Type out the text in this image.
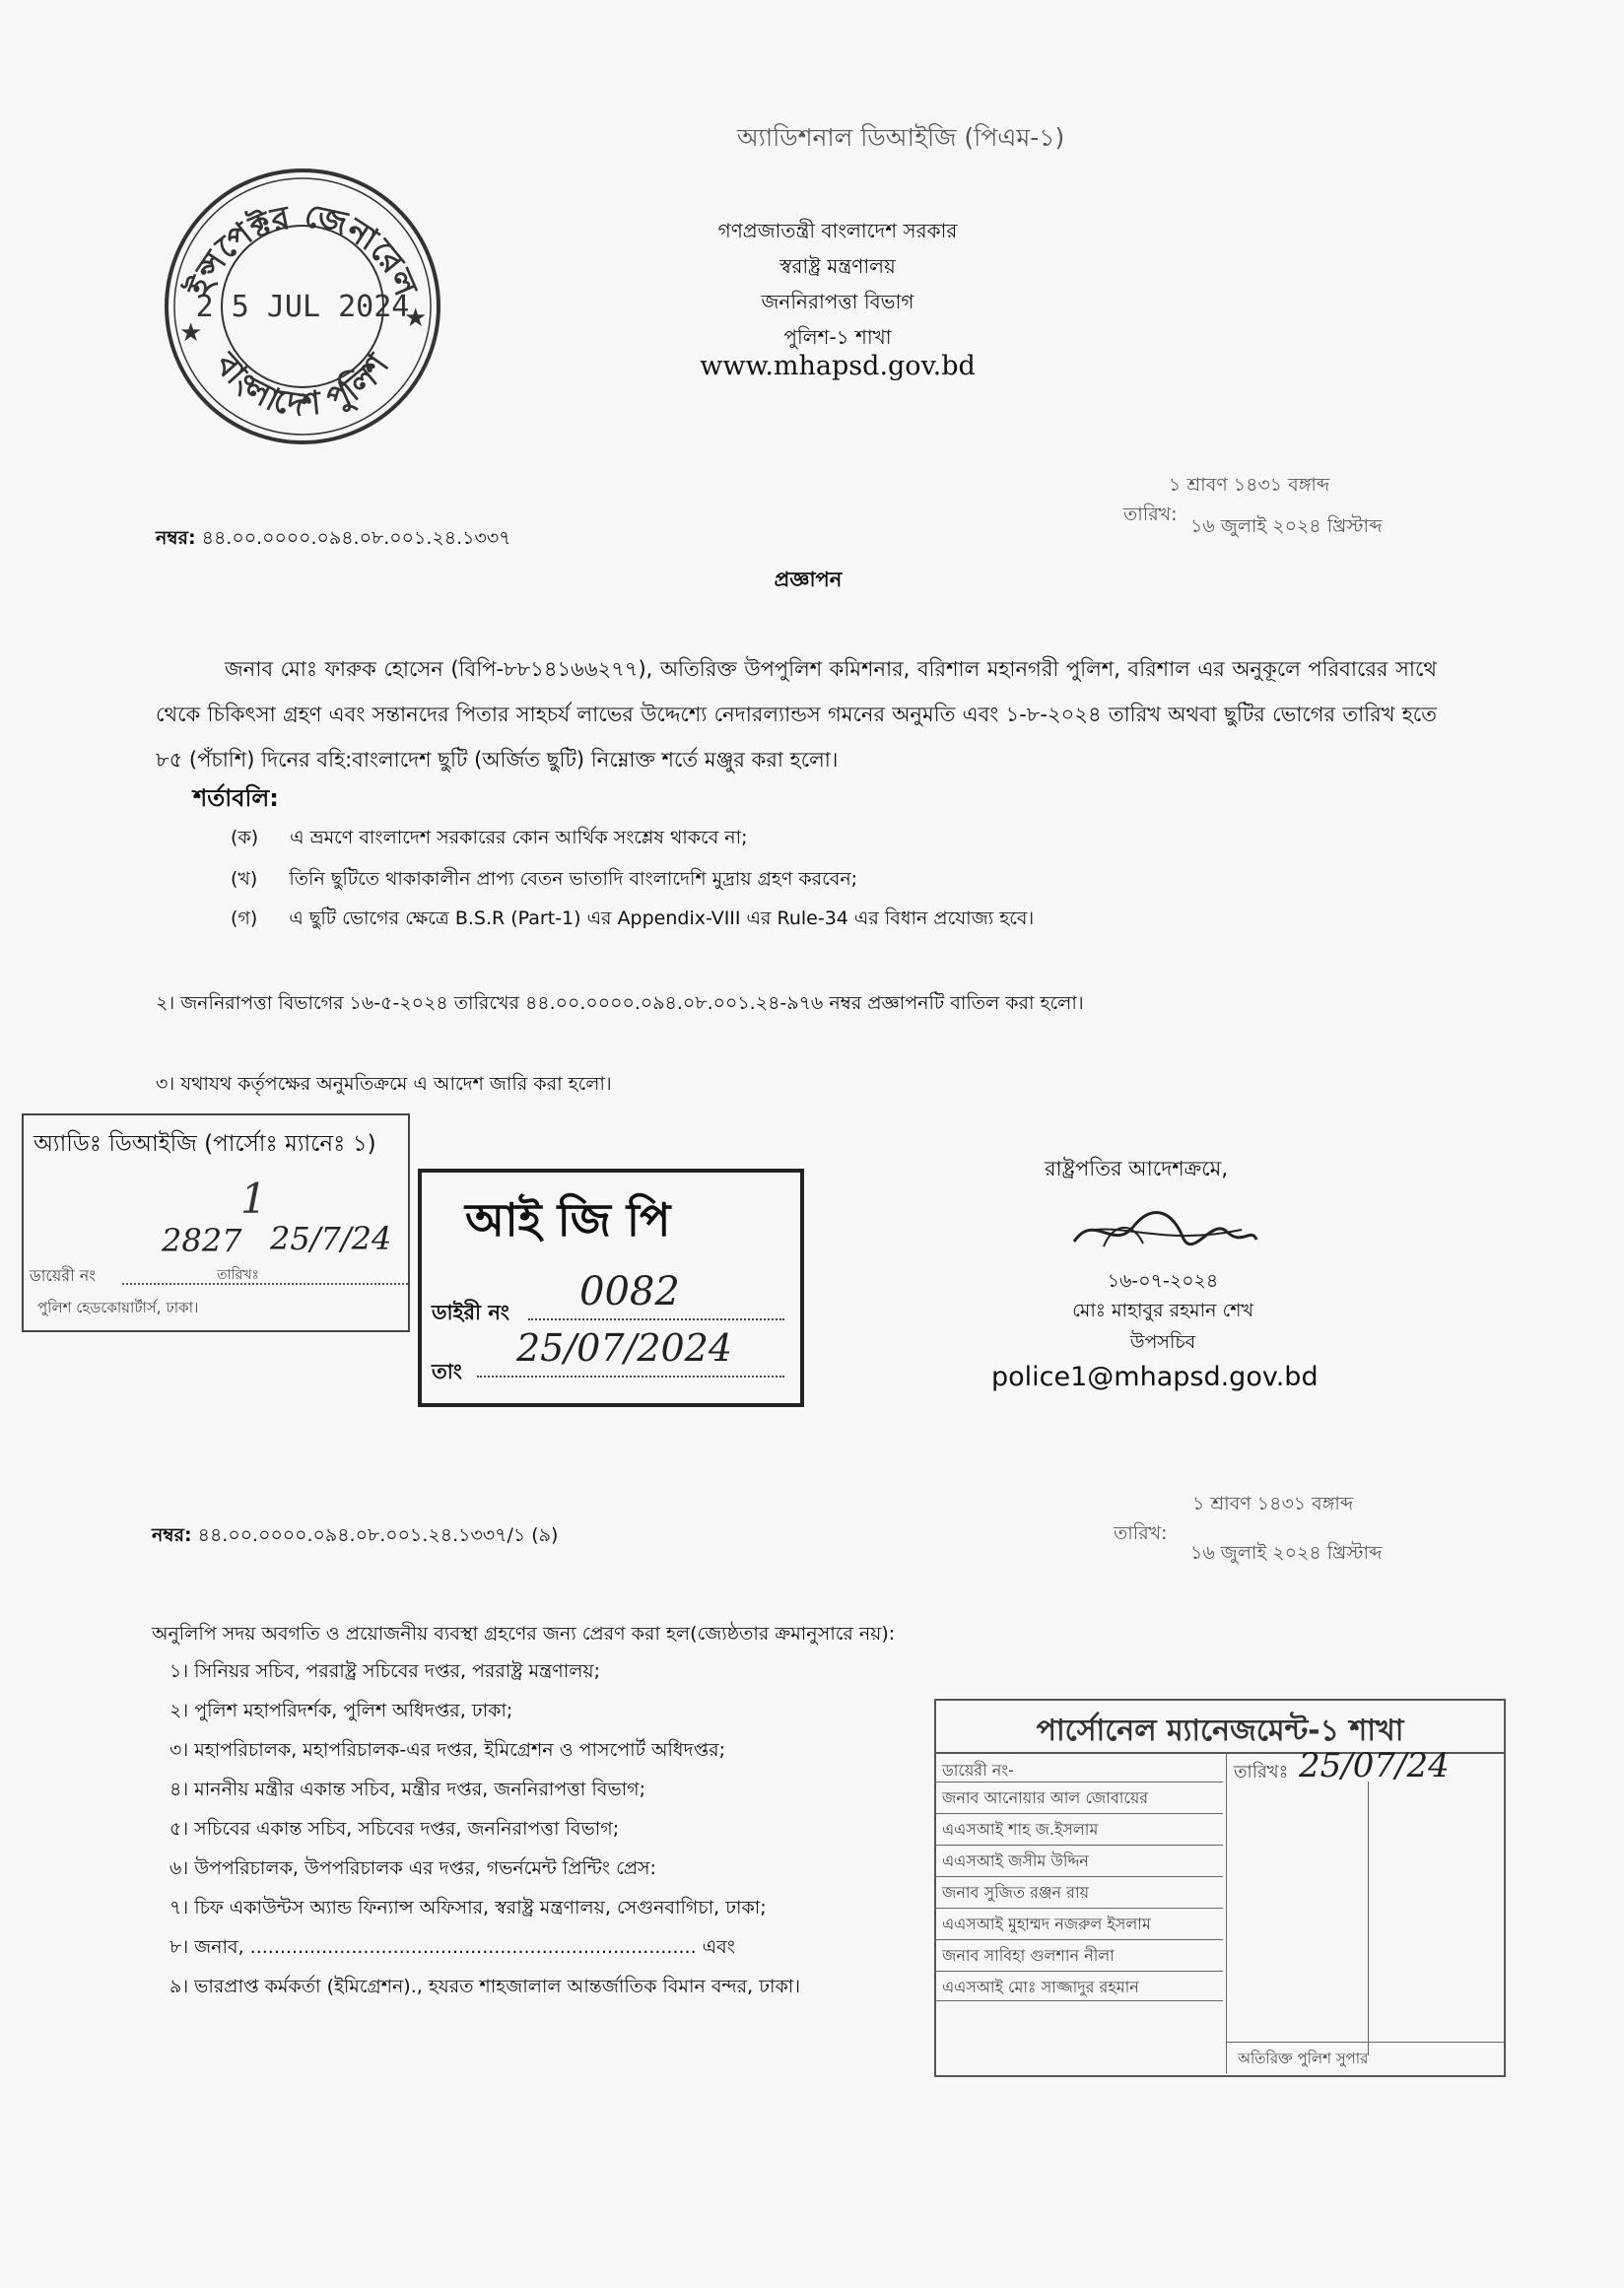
অ্যাডিশনাল ডিআইজি (পিএম-১)
ইন্সপেক্টর জেনারেল
বাংলাদেশ পুলিশ
2 5 JUL 2024
★	★
গণপ্রজাতন্ত্রী বাংলাদেশ সরকার
স্বরাষ্ট্র মন্ত্রণালয়
জননিরাপত্তা বিভাগ
পুলিশ-১ শাখা
www.mhapsd.gov.bd
১ শ্রাবণ ১৪৩১ বঙ্গাব্দ
তারিখ:
১৬ জুলাই ২০২৪ খ্রিস্টাব্দ
নম্বর: ৪৪.০০.০০০০.০৯৪.০৮.০০১.২৪.১৩৩৭
প্রজ্ঞাপন
জনাব মোঃ ফারুক হোসেন (বিপি-৮৮১৪১৬৬২৭৭), অতিরিক্ত উপপুলিশ কমিশনার, বরিশাল মহানগরী পুলিশ, বরিশাল এর অনুকূলে পরিবারের সাথে থেকে চিকিৎসা গ্রহণ এবং সন্তানদের পিতার সাহচর্য লাভের উদ্দেশ্যে নেদারল্যান্ডস গমনের অনুমতি এবং ১-৮-২০২৪ তারিখ অথবা ছুটির ভোগের তারিখ হতে ৮৫ (পঁচাশি) দিনের বহি:বাংলাদেশ ছুটি (অর্জিত ছুটি) নিম্নোক্ত শর্তে মঞ্জুর করা হলো।
শর্তাবলি:
(ক) এ ভ্রমণে বাংলাদেশ সরকারের কোন আর্থিক সংশ্লেষ থাকবে না;
(খ) তিনি ছুটিতে থাকাকালীন প্রাপ্য বেতন ভাতাদি বাংলাদেশি মুদ্রায় গ্রহণ করবেন;
(গ) এ ছুটি ভোগের ক্ষেত্রে B.S.R (Part-1) এর Appendix-VIII এর Rule-34 এর বিধান প্রযোজ্য হবে।
২। জননিরাপত্তা বিভাগের ১৬-৫-২০২৪ তারিখের ৪৪.০০.০০০০.০৯৪.০৮.০০১.২৪-৯৭৬ নম্বর প্রজ্ঞাপনটি বাতিল করা হলো।
৩। যথাযথ কর্তৃপক্ষের অনুমতিক্রমে এ আদেশ জারি করা হলো।
অ্যাডিঃ ডিআইজি (পার্সোঃ ম্যানেঃ ১)
1
ডায়েরী নং
2827
তারিখঃ
25/7/24
পুলিশ হেডকোয়ার্টার্স, ঢাকা।
আই জি পি
ডাইরী নং 0082
তাং
25/07/2024
রাষ্ট্রপতির আদেশক্রমে,
১৬-০৭-২০২৪
মোঃ মাহাবুর রহমান শেখ
উপসচিব
police1@mhapsd.gov.bd
১ শ্রাবণ ১৪৩১ বঙ্গাব্দ
তারিখ:
১৬ জুলাই ২০২৪ খ্রিস্টাব্দ
নম্বর: ৪৪.০০.০০০০.০৯৪.০৮.০০১.২৪.১৩৩৭/১ (৯)
অনুলিপি সদয় অবগতি ও প্রয়োজনীয় ব্যবস্থা গ্রহণের জন্য প্রেরণ করা হল(জ্যেষ্ঠতার ক্রমানুসারে নয়):
১। সিনিয়র সচিব, পররাষ্ট্র সচিবের দপ্তর, পররাষ্ট্র মন্ত্রণালয়;
২। পুলিশ মহাপরিদর্শক, পুলিশ অধিদপ্তর, ঢাকা;
৩। মহাপরিচালক, মহাপরিচালক-এর দপ্তর, ইমিগ্রেশন ও পাসপোর্ট অধিদপ্তর;
৪। মাননীয় মন্ত্রীর একান্ত সচিব, মন্ত্রীর দপ্তর, জননিরাপত্তা বিভাগ;
৫। সচিবের একান্ত সচিব, সচিবের দপ্তর, জননিরাপত্তা বিভাগ;
৬। উপপরিচালক, উপপরিচালক এর দপ্তর, গভর্নমেন্ট প্রিন্টিং প্রেস:
৭। চিফ একাউন্টস অ্যান্ড ফিন্যান্স অফিসার, স্বরাষ্ট্র মন্ত্রণালয়, সেগুনবাগিচা, ঢাকা;
৮। জনাব, ........................................................................... এবং
৯। ভারপ্রাপ্ত কর্মকর্তা (ইমিগ্রেশন)., হযরত শাহজালাল আন্তর্জাতিক বিমান বন্দর, ঢাকা।
পার্সোনেল ম্যানেজমেন্ট-১ শাখা
ডায়েরী নং-	তারিখঃ 25/07/24
জনাব আনোয়ার আল জোবায়ের
এএসআই শাহ জ.ইসলাম
এএসআই জসীম উদ্দিন
জনাব সুজিত রঞ্জন রায়
এএসআই মুহাম্মদ নজরুল ইসলাম
জনাব সাবিহা গুলশান নীলা
এএসআই মোঃ সাজ্জাদুর রহমান
অতিরিক্ত পুলিশ সুপার
